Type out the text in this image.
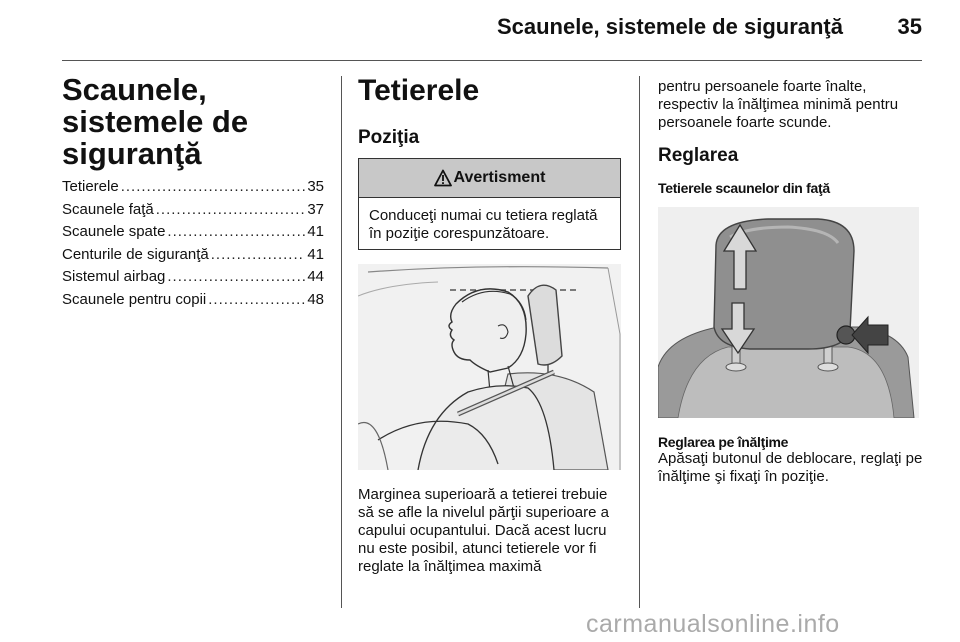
Scaunele, sistemele de siguranţă 35
Scaunele, sistemele de siguranţă
Tetierele .....	35
Scaunele faţă .....	37
Scaunele spate .....	41
Centurile de siguranţă .....	41
Sistemul airbag .....	44
Scaunele pentru copii .....	48
Tetierele
Poziţia
Avertisment
Conduceţi numai cu tetiera reglată în poziţie corespunzătoare.
Marginea superioară a tetierei trebuie să se afle la nivelul părţii superioare a capului ocupantului. Dacă acest lucru nu este posibil, atunci tetierele vor fi reglate la înălţimea maximă
pentru persoanele foarte înalte, respectiv la înălţimea minimă pentru persoanele foarte scunde.
Reglarea
Tetierele scaunelor din faţă
Reglarea pe înălţime
Apăsaţi butonul de deblocare, reglaţi pe înălţime şi fixaţi în poziţie.
carmanualsonline.info
